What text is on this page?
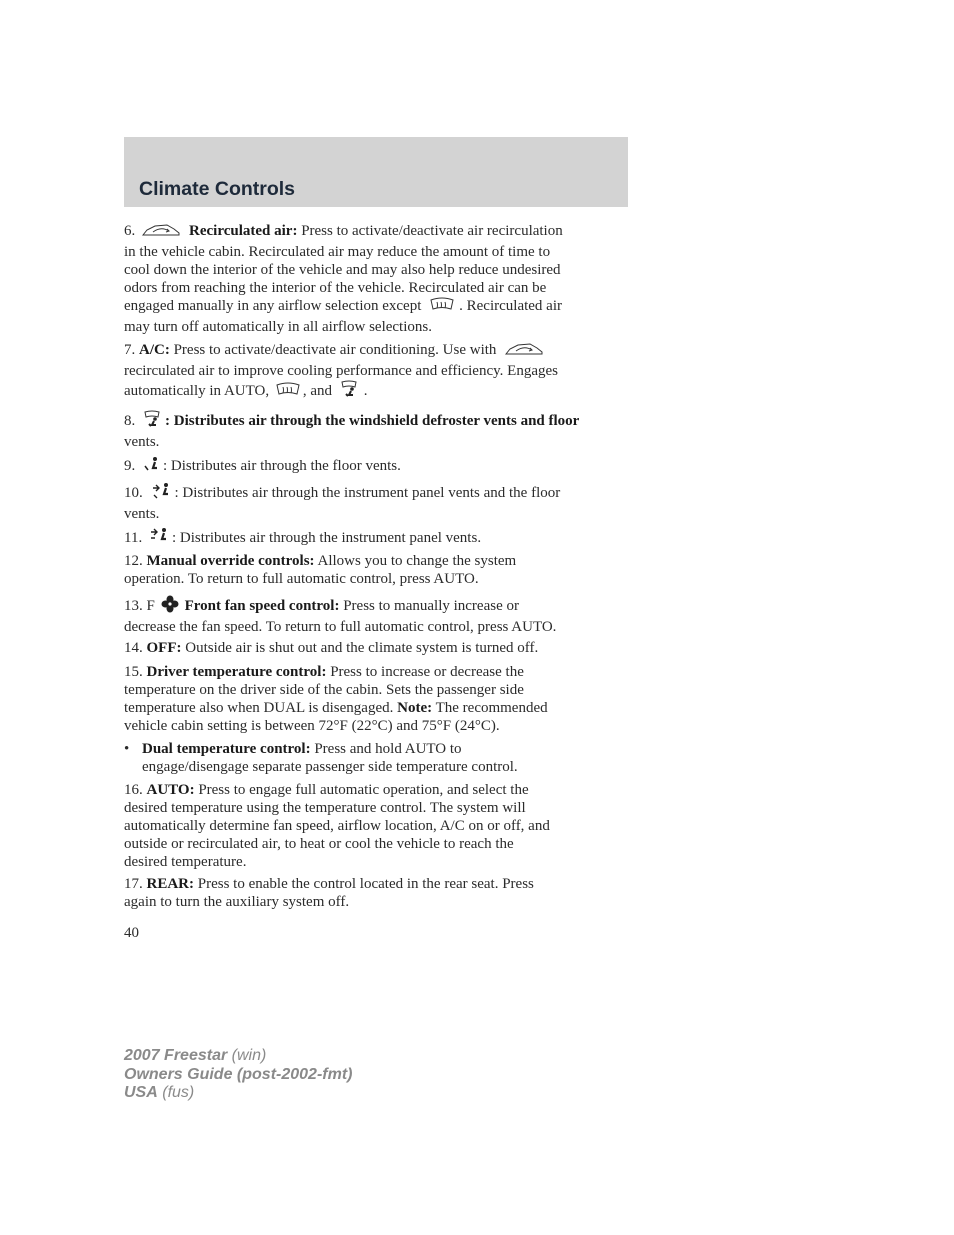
Climate Controls
6.	Recirculated air: Press to activate/deactivate air recirculation
in the vehicle cabin. Recirculated air may reduce the amount of time to
cool down the interior of the vehicle and may also help reduce undesired
odors from reaching the interior of the vehicle. Recirculated air can be
engaged manually in any airflow selection except	. Recirculated air
may turn off automatically in all airflow selections.
7. A/C: Press to activate/deactivate air conditioning. Use with
recirculated air to improve cooling performance and efficiency. Engages
automatically in AUTO, , and .
8. : Distributes air through the windshield defroster vents and floor
vents.
9. : Distributes air through the floor vents.
10. : Distributes air through the instrument panel vents and the floor
vents.
11. : Distributes air through the instrument panel vents.
12. Manual override controls: Allows you to change the system
operation. To return to full automatic control, press AUTO.
13. F Front fan speed control: Press to manually increase or
decrease the fan speed. To return to full automatic control, press AUTO.
14. OFF: Outside air is shut out and the climate system is turned off.
15. Driver temperature control: Press to increase or decrease the
temperature on the driver side of the cabin. Sets the passenger side
temperature also when DUAL is disengaged. Note: The recommended
vehicle cabin setting is between 72°F (22°C) and 75°F (24°C).
• Dual temperature control: Press and hold AUTO to
engage/disengage separate passenger side temperature control.
16. AUTO: Press to engage full automatic operation, and select the
desired temperature using the temperature control. The system will
automatically determine fan speed, airflow location, A/C on or off, and
outside or recirculated air, to heat or cool the vehicle to reach the
desired temperature.
17. REAR: Press to enable the control located in the rear seat. Press
again to turn the auxiliary system off.
40
2007 Freestar (win)
Owners Guide (post-2002-fmt)
USA (fus)
